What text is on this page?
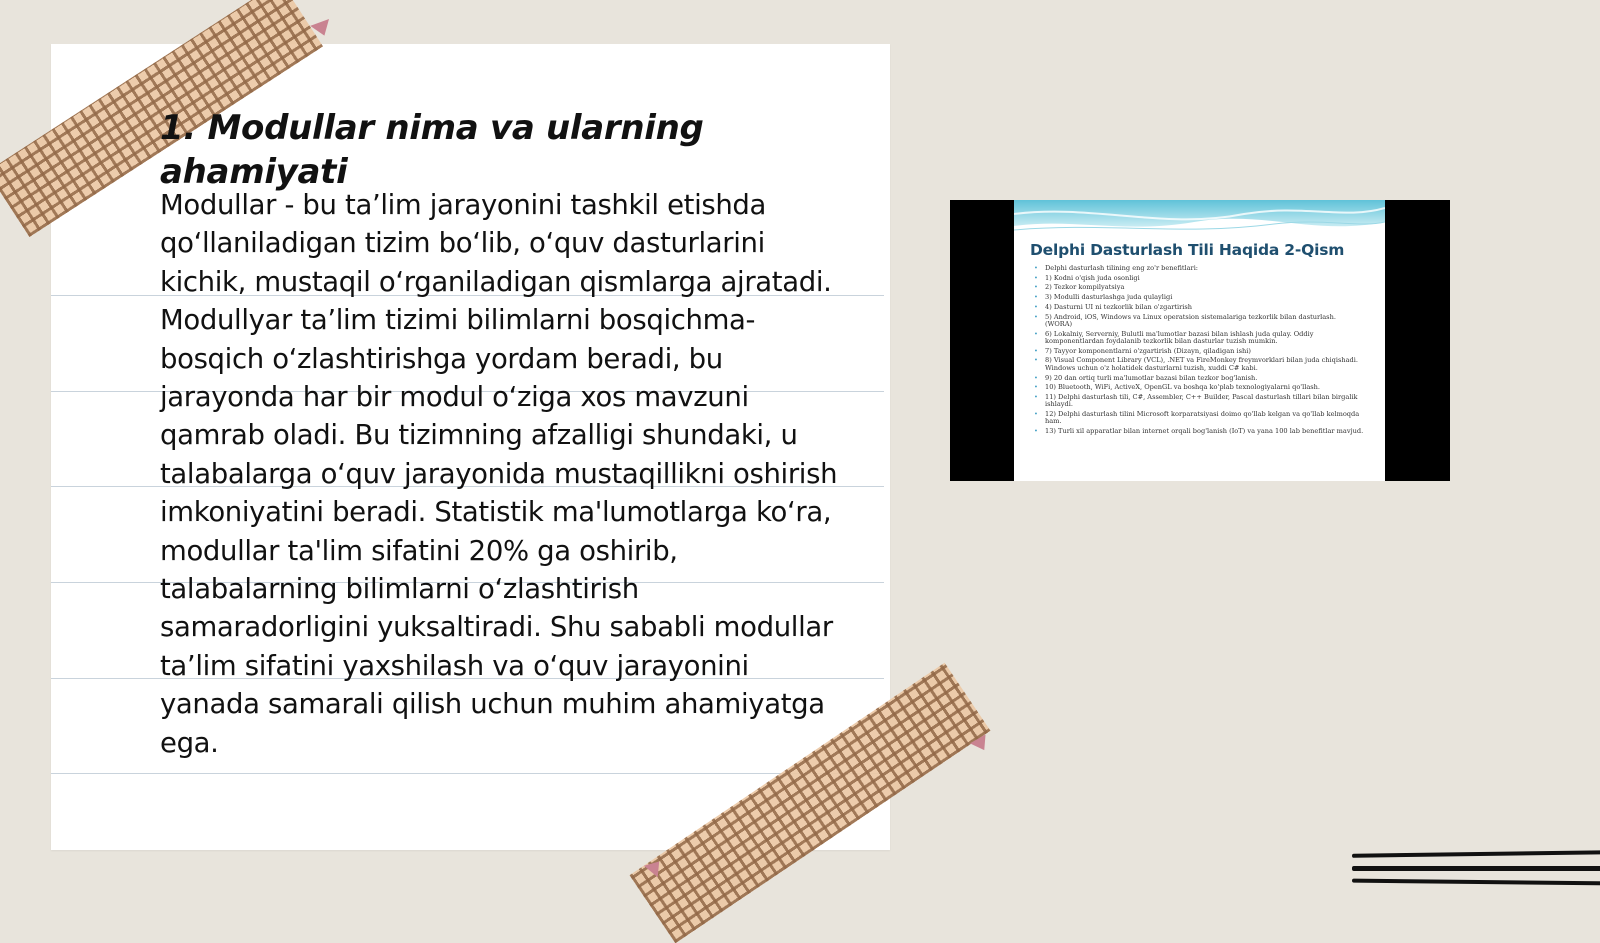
1. Modullar nima va ularning ahamiyati

Modullar - bu ta’lim jarayonini tashkil etishda qo‘llaniladigan tizim bo‘lib, o‘quv dasturlarini kichik, mustaqil o‘rganiladigan qismlarga ajratadi. Modullyar ta’lim tizimi bilimlarni bosqichma-bosqich o‘zlashtirishga yordam beradi, bu jarayonda har bir modul o‘ziga xos mavzuni qamrab oladi. Bu tizimning afzalligi shundaki, u talabalarga o‘quv jarayonida mustaqillikni oshirish imkoniyatini beradi. Statistik ma'lumotlarga ko‘ra, modullar ta'lim sifatini 20% ga oshirib, talabalarning bilimlarni o‘zlashtirish samaradorligini yuksaltiradi. Shu sababli modullar ta’lim sifatini yaxshilash va o‘quv jarayonini yanada samarali qilish uchun muhim ahamiyatga ega.

Delphi Dasturlash Tili Haqida 2-Qism
• Delphi dasturlash tilining eng zo'r benefitlari:
• 1) Kodni o'qish juda osonligi
• 2) Tezkor kompilyatsiya
• 3) Modulli dasturlashga juda qulayligi
• 4) Dasturni UI ni tezkorlik bilan o'zgartirish
• 5) Android, iOS, Windows va Linux operatsion sistemalariga tezkorlik bilan dasturlash. (WORA)
• 6) Lokalniy, Serverniy, Bulutli ma'lumotlar bazasi bilan ishlash juda qulay. Oddiy komponentlardan foydalanib tezkorlik bilan dasturlar tuzish mumkin.
• 7) Tayyor komponentlarni o'zgartirish (Dizayn, qiladigan ishi)
• 8) Visual Component Library (VCL), .NET va FireMonkey freymvorklari bilan juda chiqishadi. Windows uchun o'z holatidek dasturlarni tuzish, xuddi C# kabi.
• 9) 20 dan ortiq turli ma'lumotlar bazasi bilan tezkor bog'lanish.
• 10) Bluetooth, WiFi, ActiveX, OpenGL va boshqa ko'plab texnologiyalarni qo'llash.
• 11) Delphi dasturlash tili, C#, Assembler, C++ Builder, Pascal dasturlash tillari bilan birgalik ishlaydi.
• 12) Delphi dasturlash tilini Microsoft korparatsiyasi doimo qo'llab kelgan va qo'llab kelmoqda ham.
• 13) Turli xil apparatlar bilan internet orqali bog'lanish (IoT) va yana 100 lab benefitlar mavjud.
